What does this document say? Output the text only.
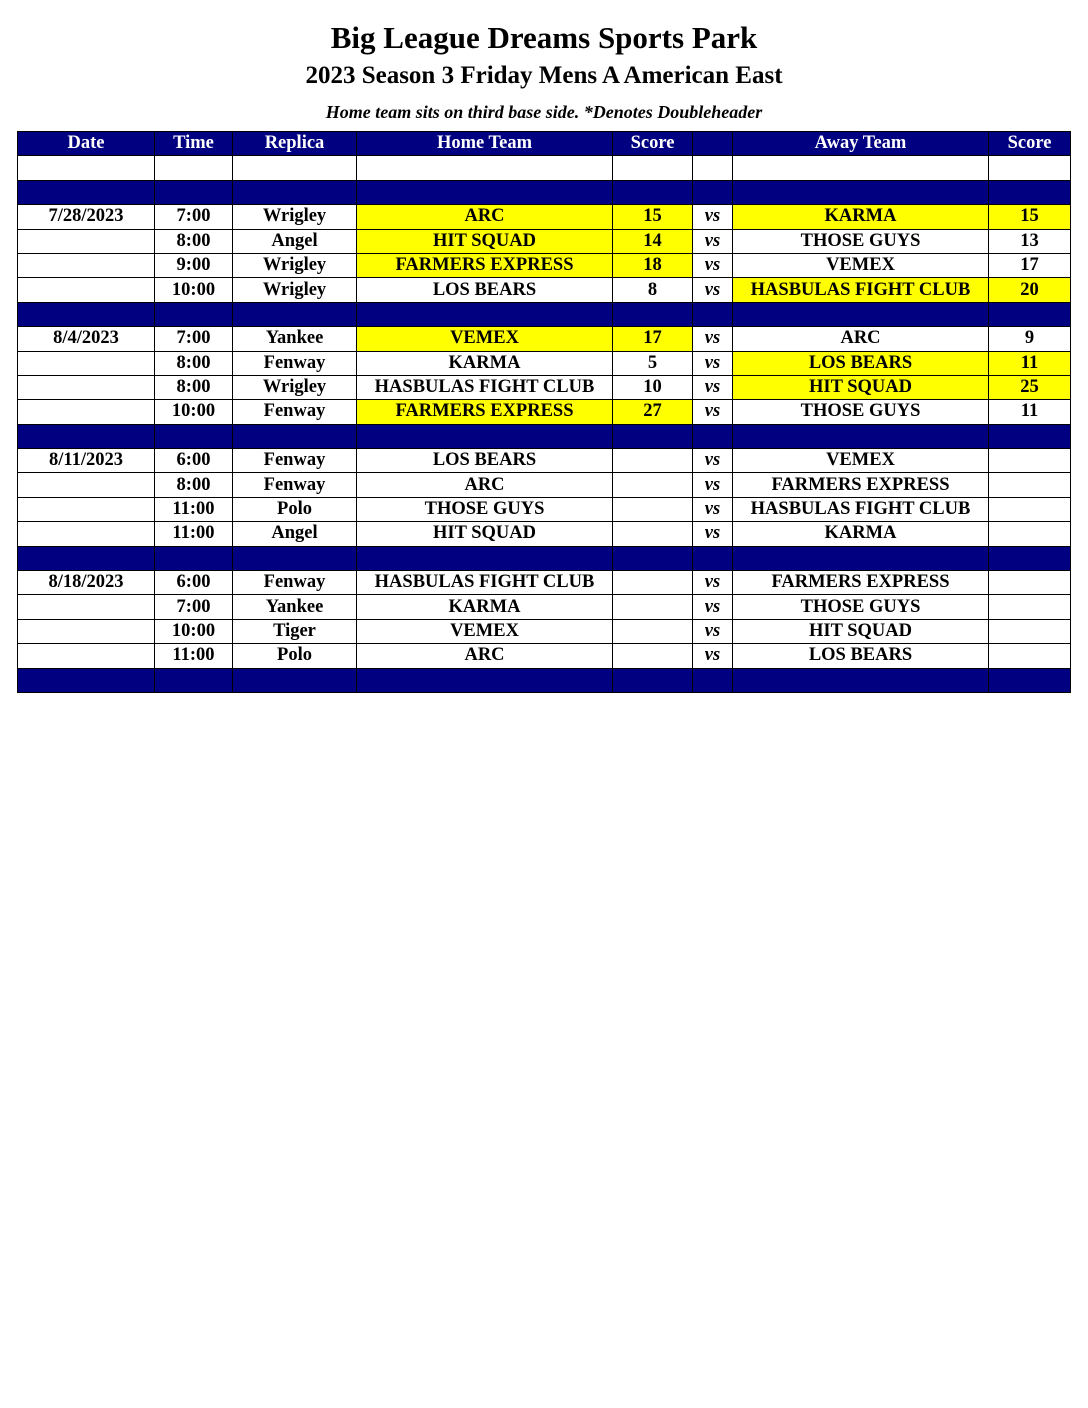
Big League Dreams Sports Park
2023 Season 3 Friday Mens A American East
Home team sits on third base side. *Denotes Doubleheader
Date	Time	Replica	Home Team	Score		Away Team	Score

7/28/2023	7:00	Wrigley	ARC	15	vs	KARMA	15
	8:00	Angel	HIT SQUAD	14	vs	THOSE GUYS	13
	9:00	Wrigley	FARMERS EXPRESS	18	vs	VEMEX	17
	10:00	Wrigley	LOS BEARS	8	vs	HASBULAS FIGHT CLUB	20

8/4/2023	7:00	Yankee	VEMEX	17	vs	ARC	9
	8:00	Fenway	KARMA	5	vs	LOS BEARS	11
	8:00	Wrigley	HASBULAS FIGHT CLUB	10	vs	HIT SQUAD	25
	10:00	Fenway	FARMERS EXPRESS	27	vs	THOSE GUYS	11

8/11/2023	6:00	Fenway	LOS BEARS		vs	VEMEX	
	8:00	Fenway	ARC		vs	FARMERS EXPRESS	
	11:00	Polo	THOSE GUYS		vs	HASBULAS FIGHT CLUB	
	11:00	Angel	HIT SQUAD		vs	KARMA	

8/18/2023	6:00	Fenway	HASBULAS FIGHT CLUB		vs	FARMERS EXPRESS	
	7:00	Yankee	KARMA		vs	THOSE GUYS	
	10:00	Tiger	VEMEX		vs	HIT SQUAD	
	11:00	Polo	ARC		vs	LOS BEARS	
